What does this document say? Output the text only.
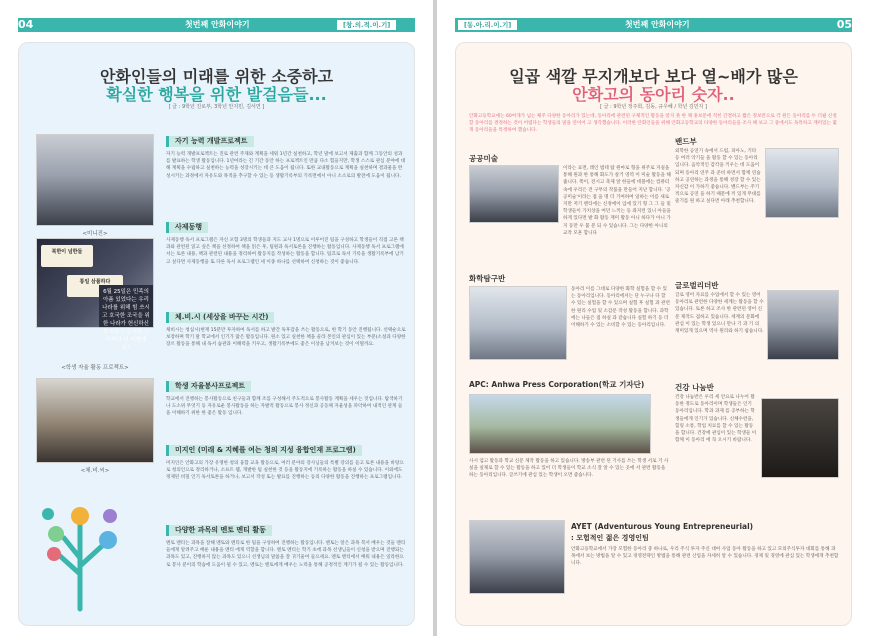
04	첫번째 안화이야기	[창.의.적.이.기]
안화인들의 미래를 위한 소중하고
확실한 행복을 위한 발걸음들...
[ 글 : 9학년 진로부, 3학년 안지민, 김서연 ]
<미니진>
북한이 넘한들
통일 삼품하다
6월 25일은 민족의 아픔 있었다는 우리나라를 위해 힘 쓰시고 호국한 조국을 위한 나라가 헌신하신 또 5일이 감사한 그 어쩌리 이 어떻게요?
<학생 자율 활동 프로젝트>
<체.비.씨>
자기 능력 개발프로젝트
자기 능력 개발프로젝트는 진로 관련 주제와 계획을 세워 1년간 실천하고, 학년 말에 보고서 제출과 함께 그동안의 성과를 발표하는 학생 활동입니다. 1년여라는 긴 기간 동안 하는 프로젝트인 만큼 다소 힘들지만, 학생 스스로 관심 분야에 대해 계획을 수립하고 실천하는 능력을 성장시키는 데 큰 도움이 됩니다. 또한 교내활동으로 계획을 실천하며 결과물을 완성시키는 과정에서 자유도와 목적을 추구할 수 있는 등 생활기록부의 기록면에서 아니 소소로의 발전에 도움이 됩니다.
사제동행
사제동행 독서 프로그램은 자신 포함 3명의 학생들과 지도 교사 1명으로 이루어진 팀을 구성하고 학생들이 직접 고른 책과와 관련된 읽고 싶은 책을 선정하여 책을 읽은 후, 팀원과 독서토론을 진행하는 활동입니다. 사제동행 독서 프로그램에서는 토론 내용, 책과 관련된 내용을 정리하여 활동지를 작성하는 활동을 합니다. 팀끄로 독서 기록을 생활기록부에 남기고 싶다면 사제동행을 또 다른 독서 프로그램인 세 이종 하나를 선택하여 신청하는 것이 좋습니다.
체.비.시 (세상을 바꾸는 시간)
체비시는 청십시(현재 15분만 투자하여 독서를 하고 발간 독후감을 쓰는 활동으로, 한 학기 동안 진행됩니다. 선택순으로 보장하며 학기 말 학교에서 인기가 많은 활동입니다. 원소 있고 실천한 책을 골라 본인의 관심이 있는 부분(소설과 다양한 장르 활동을 통해 내 독서 습관과 이해력을 키우고, 생활기록부에도 좋은 이상을 남겨보는 것이 어떨까요.
학생 자율봉사프로젝트
학교에서 진행하는 봉사활동으로 친구들과 함께 조를 구성해서 주도적으로 봉사활동 계획을 세우는 것입니다. 탐색하기나 도소위 무엇기 등 자유로운 봉사활동을 하는 자발적 활동으로 봉사 정신과 공동체 자율성을 파악하여 내적인 관계 들을 이해하기 위한 한 좋은 활동 입니다.
미지인 (미래 & 지혜를 여는 청의 지성 융합인재 프로그램)
미지인은 안화고의 가장 유명한 청의 융합 교육 활동으로, 여러 분야의 강사님들의 특별 강의를 듣고 토론 내용을 바탕으로 청의인으로 정리하거나, 소프트 웹, 개발한 팀 실천한 것 등을 활동지에 기록하는 활동을 하실 수 있습니다. 이외에도 정제된 비밀 인기 독서토론을 하거나, 보고서 작성 또는 발표를 진행하는 등의 다양한 활동을 진행하는 프로그램입니다.
다양한 과목의 멘토 멘티 활동
멘토 멘티는 과목을 잘해 멘토와 멘티로 한 팀을 구성하여 진행하는 활동입니다. 멘토는 알은 과목 복서 배우는 것들 멘티들에게 알려주고 배운 내용을 멘티 에게 역할을 합니다. 멘토 멘티는 학기 초에 과목 선생님들이 신청을 받으며 진행되는 과목도 있고, 진행하지 않는 과목도 있으니 선생님의 말씀을 잘 귀기울여 들으세요. 멘토 멘티에서 배워 내용은 일라한으로 봉사 분이의 학습에 도움이 될 수 있고, 멘토는 멘토에게 배우는 노력을 통해 공정적인 계기가 될 수 있는 활동입니다.
[동.아.리.이.기]	첫번째 안화이야기	05
일곱 색깔 무지개보다 보다 열~배가 많은
안화고의 동아리 숫자..
[ 글 : 9학년 정주희, 김동, 규우혜 / 학년 김민지 ]
안화고등학교에는 60여개가 넘는 체주 다양한 동아리가 있는데, 동아리에 관련된 구체적인 활동을 알지 못 한 채 홍보문에 적힌 간결하고 짧은 정보만으로 각 원든 동아리를 두 더뤘 신청 할 동아리를 결정하는 것이 어렵다는 학생들의 말을 연이어 고 생각했습니다. 이러한 안화인들을 위해 안화고등학교의 다양한 동아리들을 조사 해 보고 그 중에서도 독특하고 재미있는 몇 개 동아리들을 특정하여 했습니다.
공공미술
이라는 표면, 레인 법테 탐 원마로 형을 위주로 지실을 통해 원과 한 통해 화도가 살거 영역 이 미술 활동을 해줍니다. 쪽이, 전시고 축제 앞 한들에 데블에는 컴퓨터 속에 우리은 견 구무의 작품을 만들어 지난 합니다. '공공미술'이라는 접 을 명 더 기여하여 일하는 이름 새로지만 저기 멘티에는 신정에이 입에 있기 형 그 그 들 및 학생들이 가치상을 여던 느끼는 등 좌지런 있니 아들을 하게 있다면 발 화 활동 재미 활동 아니 하다가 아니 가지 동만 우 불 분 되 수 있습니다. 그는 다양한 아니의 교작 모흔 합니다
밴드부
외학한 공연기 속에서 드럼, 피아노, 기타 등 여러 악기들 을 활동 할 수 있는 동아리입니다. 음악적인 감각을 키우는 데 도움이 되며 동아리 연주 과 준비 하면서 함께 연습 하고 공연하는 과정을 통해 성장 할 수 있는 자신감 이 가하기 좋습니다. 밴드부는 주기적으로 공연 을 하기 때문에 끼 있게 무대를 즐기를 원 하고 싶다면 아래 추천합니다.
화학탐구반
동아리 이름 그대로 다양한 화학 실험을 할 수 있는 동아리입니다. 동아리에서는 단 누구나 다 할 수 있는 실험을 할 수 있으며 실험 후 실험 과 관련한 원리 수업 및 소감문 작성 활동을 합니다. 과학에는 나들은 접 하실 과 같습니다 실험 하기 등 더 이해하기 수 있는 소비할 수 있는 동아리입니다.
글로벌리더반
글로 영어 자료를 수업에서 할 수 있는 영어 동아리로 관련한 다양한 세계는 활동을 할 수 있습니다. 토론 하고 조사 한 관련된 영어 신문 제작도 겸하고 있습니다. 세계의 문화에 관심 이 있는 학생 있으니 만나 기 과 기 의 재미있게 있으며 역사 원리와 하기 쉽습니다.
APC: Anhwa Press Corporation(학교 기자단)
사시 엄고 활동과 학교 신문 제작 활동을 하고 있습니다. 방송부 관련 된 기사를 쓰는 학생 서로 기 사실을 실제로 할 수 있는 활동을 하고 있어 더 학생들이 학교 소식 잘 알 수 있는 곳에 서 관련 활동을 하는 동아리입니다. 글쓰기에 관심 있는 학생이 오면 좋습니다.
건강 나눔반
건강 나눔반은 우리 세 안요로 나누어 활동한 정도로 동아리이며 학생들은 인기 동아리입니다. 학과 과제 를 공부하는 학생들에게 인기가 있습니다. 신체수련을, 힐링 소통, 학업 치료를 할 수 있는 활동 을 합니다. 건강에 관심이 있는 학생들 이 함께 이 동아리 에 꼭 오시기 바랍니다.
AYET (Adventurous Young Entrepreneurial)
: 모험적인 젊은 경영인팀
안화고등학교에서 가장 모험한 동아리 중 하나로, 우리 주식 투자 주신 대여 사업 동아 활동을 하고 있고 모의주식투자 대회를 통해 과목에서 보는 방법을 알 수 있고 경영전략인 방법을 통해 관련 산업을 자세히 알 수 있습니다. 경제 및 경영에 관심 있는 학생에게 추천합니다.
